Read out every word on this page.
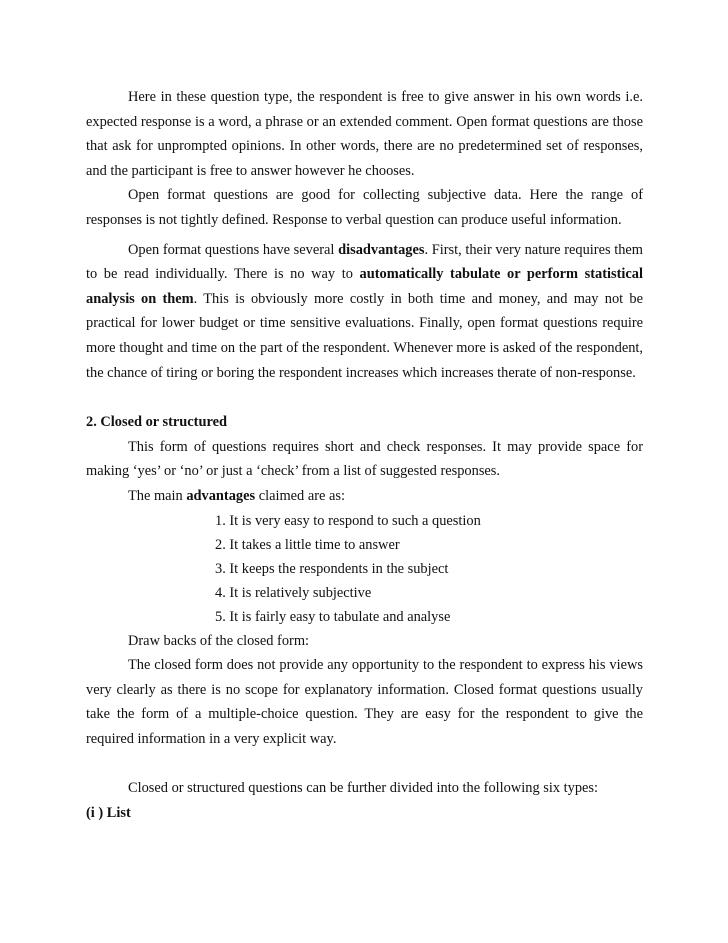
Here in these question type, the respondent is free to give answer in his own words i.e. expected response is a word, a phrase or an extended comment. Open format questions are those that ask for unprompted opinions. In other words, there are no predetermined set of responses, and the participant is free to answer however he chooses.

Open format questions are good for collecting subjective data. Here the range of responses is not tightly defined. Response to verbal question can produce useful information.

Open format questions have several disadvantages. First, their very nature requires them to be read individually. There is no way to automatically tabulate or perform statistical analysis on them. This is obviously more costly in both time and money, and may not be practical for lower budget or time sensitive evaluations. Finally, open format questions require more thought and time on the part of the respondent. Whenever more is asked of the respondent, the chance of tiring or boring the respondent increases which increases therate of non-response.

2. Closed or structured

This form of questions requires short and check responses. It may provide space for making ‘yes’ or ‘no’ or just a ‘check’ from a list of suggested responses.

The main advantages claimed are as:

1. It is very easy to respond to such a question
2. It takes a little time to answer
3. It keeps the respondents in the subject
4. It is relatively subjective
5. It is fairly easy to tabulate and analyse

Draw backs of the closed form:

The closed form does not provide any opportunity to the respondent to express his views very clearly as there is no scope for explanatory information. Closed format questions usually take the form of a multiple-choice question. They are easy for the respondent to give the required information in a very explicit way.

Closed or structured questions can be further divided into the following six types:

(i ) List
